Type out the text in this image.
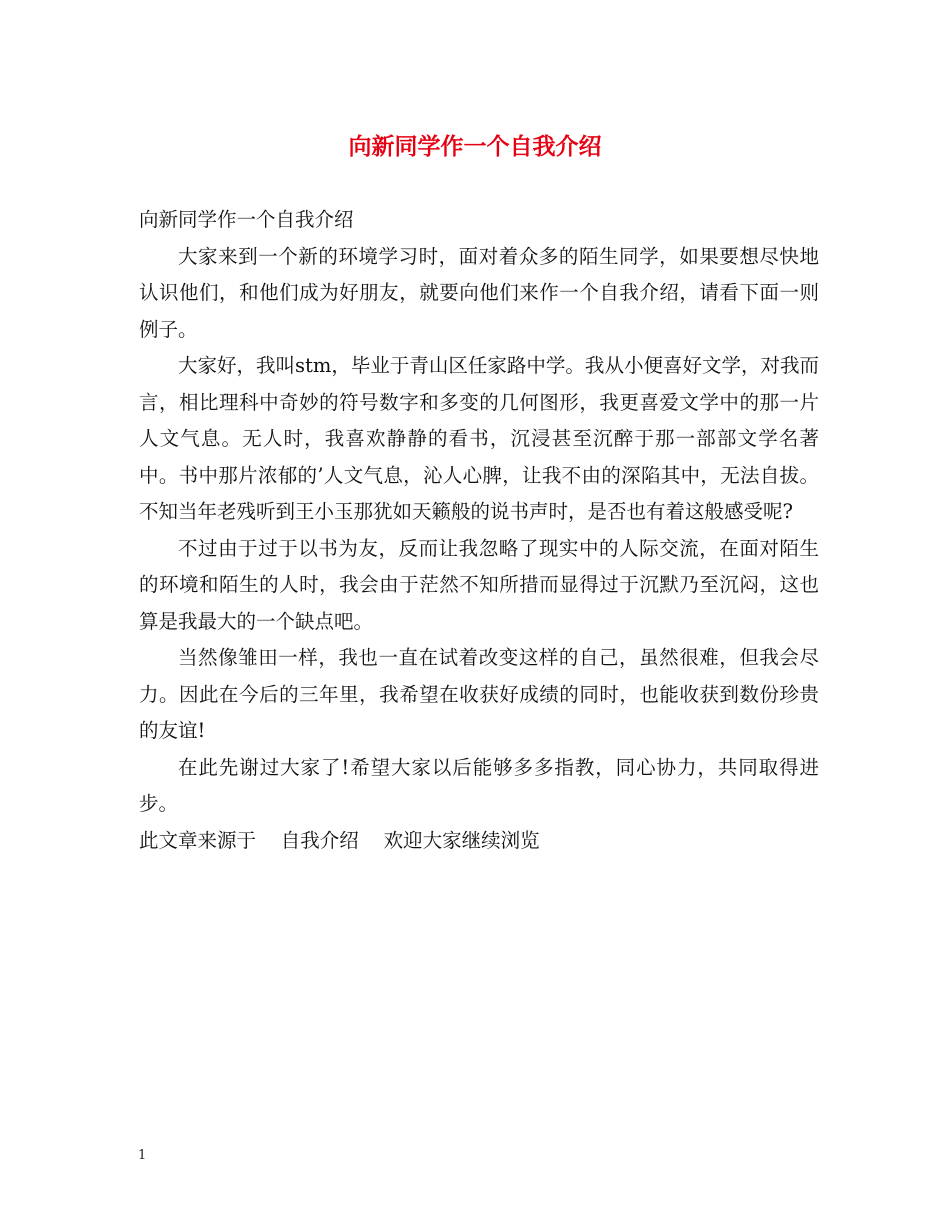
向新同学作一个自我介绍

向新同学作一个自我介绍

大家来到一个新的环境学习时，面对着众多的陌生同学，如果要想尽快地认识他们，和他们成为好朋友，就要向他们来作一个自我介绍，请看下面一则例子。

大家好，我叫stm，毕业于青山区任家路中学。我从小便喜好文学，对我而言，相比理科中奇妙的符号数字和多变的几何图形，我更喜爱文学中的那一片人文气息。无人时，我喜欢静静的看书，沉浸甚至沉醉于那一部部文学名著中。书中那片浓郁的’人文气息，沁人心脾，让我不由的深陷其中，无法自拔。不知当年老残听到王小玉那犹如天籁般的说书声时，是否也有着这般感受呢?

不过由于过于以书为友，反而让我忽略了现实中的人际交流，在面对陌生的环境和陌生的人时，我会由于茫然不知所措而显得过于沉默乃至沉闷，这也算是我最大的一个缺点吧。

当然像雏田一样，我也一直在试着改变这样的自己，虽然很难，但我会尽力。因此在今后的三年里，我希望在收获好成绩的同时，也能收获到数份珍贵的友谊!

在此先谢过大家了!希望大家以后能够多多指教，同心协力，共同取得进步。

此文章来源于    自我介绍    欢迎大家继续浏览

1
